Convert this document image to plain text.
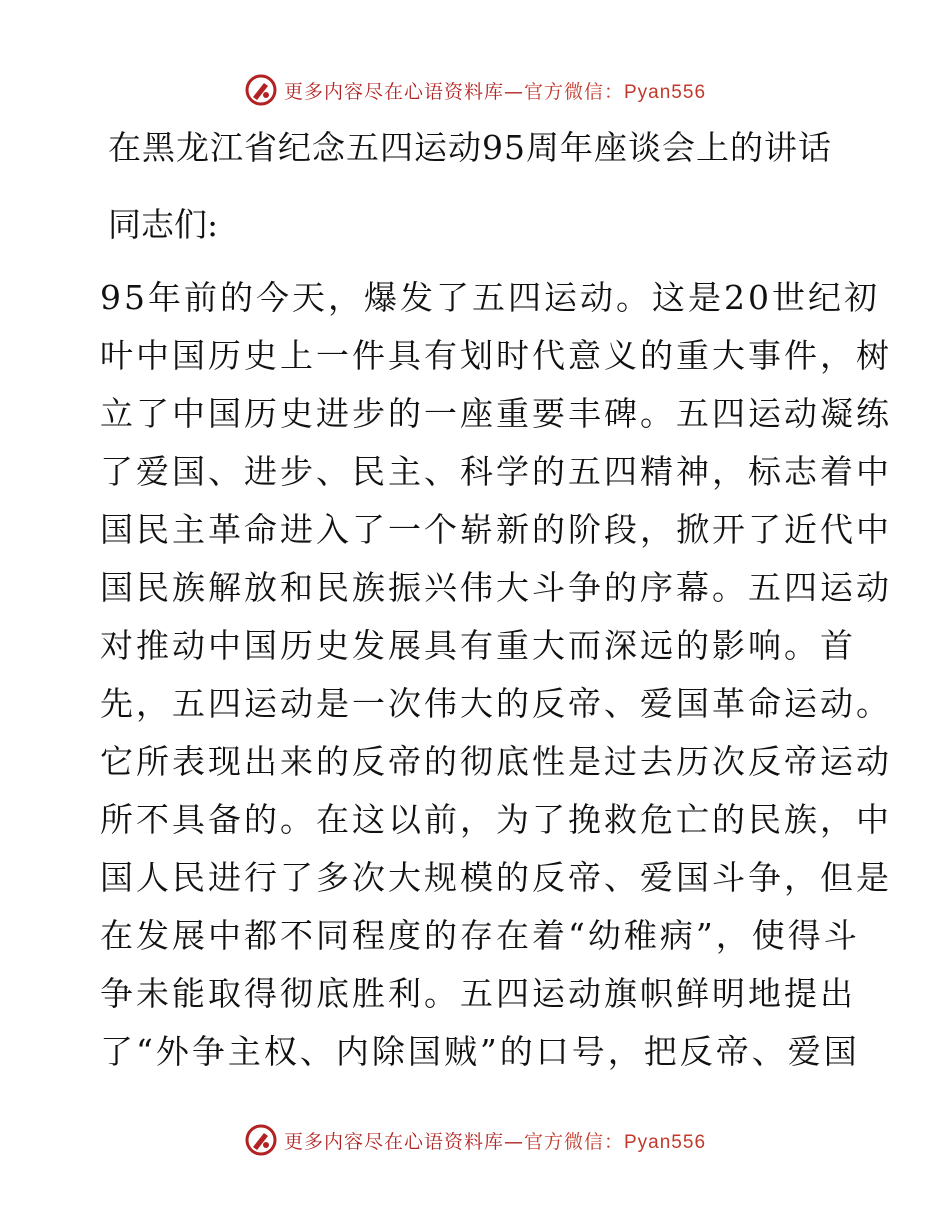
更多内容尽在心语资料库—官方微信：Pyan556
在黑龙江省纪念五四运动95周年座谈会上的讲话
同志们:
95年前的今天，爆发了五四运动。这是20世纪初
叶中国历史上一件具有划时代意义的重大事件，树
立了中国历史进步的一座重要丰碑。五四运动凝练
了爱国、进步、民主、科学的五四精神，标志着中
国民主革命进入了一个崭新的阶段，掀开了近代中
国民族解放和民族振兴伟大斗争的序幕。五四运动
对推动中国历史发展具有重大而深远的影响。首
先，五四运动是一次伟大的反帝、爱国革命运动。
它所表现出来的反帝的彻底性是过去历次反帝运动
所不具备的。在这以前，为了挽救危亡的民族，中
国人民进行了多次大规模的反帝、爱国斗争，但是
在发展中都不同程度的存在着“幼稚病”，使得斗
争未能取得彻底胜利。五四运动旗帜鲜明地提出
了“外争主权、内除国贼”的口号，把反帝、爱国
更多内容尽在心语资料库—官方微信：Pyan556
